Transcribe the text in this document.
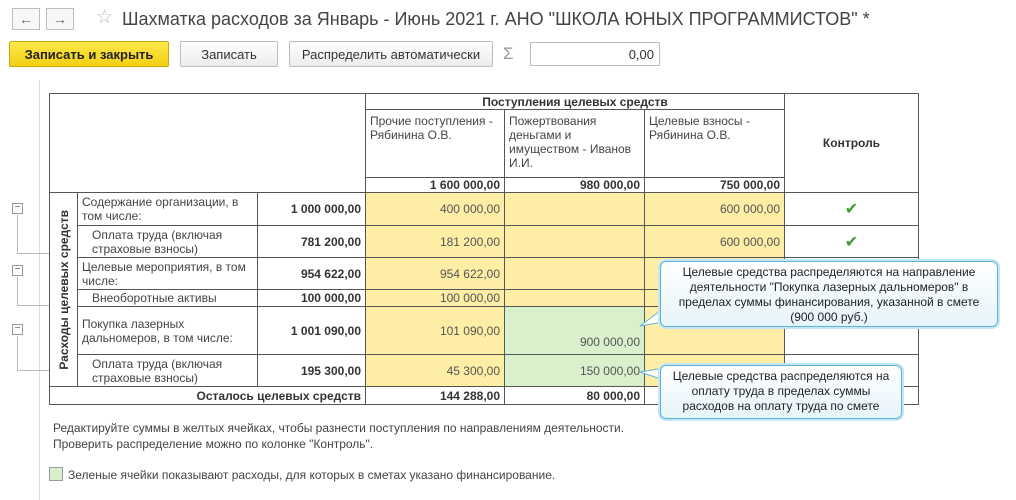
← → ☆ Шахматка расходов за Январь - Июнь 2021 г. АНО "ШКОЛА ЮНЫХ ПРОГРАММИСТОВ" *
Записать и закрыть	Записать	Распределить автоматически	Σ	0,00
−
−
−
			Поступления целевых средств			Контроль
			Прочие поступления - Рябинина О.В.	Пожертвования деньгами и имуществом - Иванов И.И.	Целевые взносы - Рябинина О.В.	
			1 600 000,00	980 000,00	750 000,00	

Расходы целевых средств	Содержание организации, в том числе:	1 000 000,00	400 000,00		600 000,00	✔
	Оплата труда (включая страховые взносы)	781 200,00	181 200,00		600 000,00	✔
	Целевые мероприятия, в том числе:	954 622,00	954 622,00			
	Внеоборотные активы	100 000,00	100 000,00			
	Покупка лазерных дальномеров, в том числе:	1 001 090,00	101 090,00	900 000,00		
	Оплата труда (включая страховые взносы)	195 300,00	45 300,00	150 000,00		
Осталось целевых средств			144 288,00	80 000,00		
Целевые средства распределяются на направление деятельности "Покупка лазерных дальномеров" в пределах суммы финансирования, указанной в смете (900 000 руб.)
Целевые средства распределяются на оплату труда в пределах суммы расходов на оплату труда по смете
Редактируйте суммы в желтых ячейках, чтобы разнести поступления по направлениям деятельности.
Проверить распределение можно по колонке "Контроль".
Зеленые ячейки показывают расходы, для которых в сметах указано финансирование.
